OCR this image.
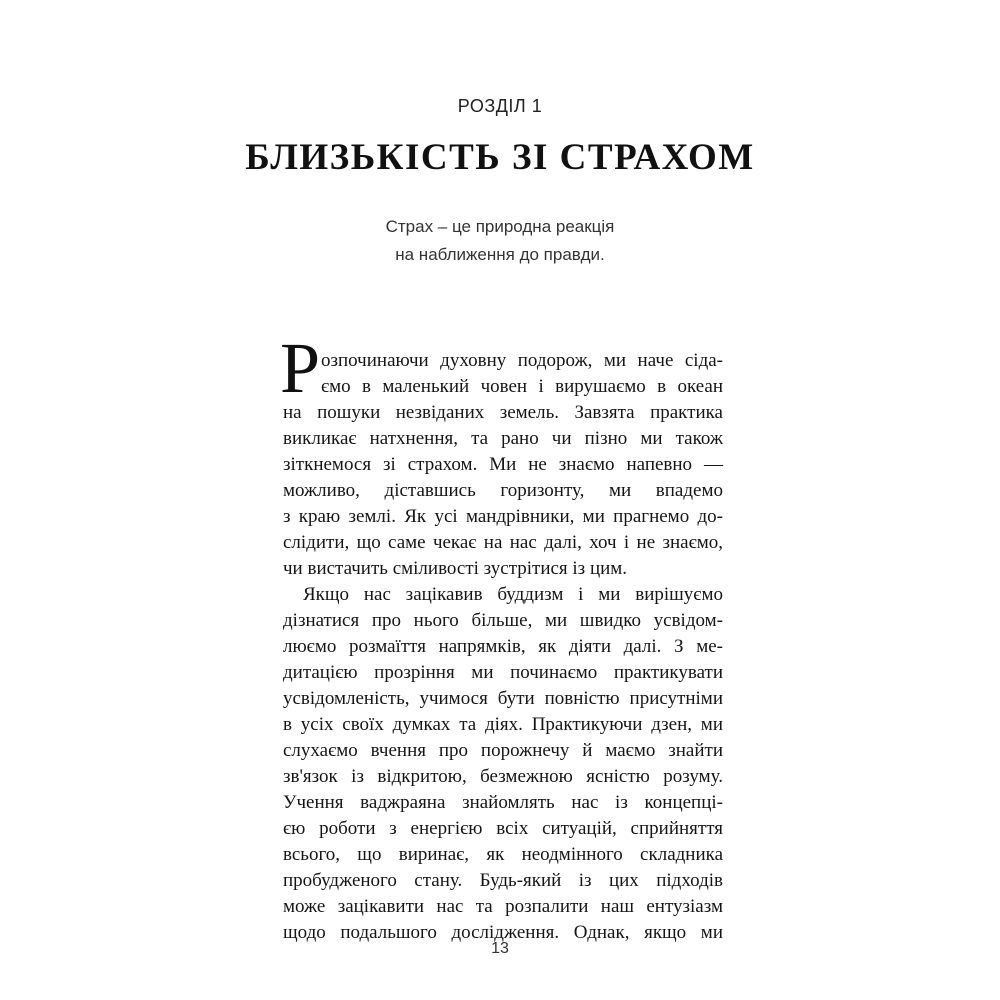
РОЗДІЛ 1
БЛИЗЬКІСТЬ ЗІ СТРАХОМ
Страх – це природна реакція
на наближення до правди.
Р озпочинаючи духовну подорож, ми наче сіда-
ємо в маленький човен і вирушаємо в океан
на пошуки незвіданих земель. Завзята практика
викликає натхнення, та рано чи пізно ми також
зіткнемося зі страхом. Ми не знаємо напевно —
можливо, діставшись горизонту, ми впадемо
з краю землі. Як усі мандрівники, ми прагнемо до-
слідити, що саме чекає на нас далі, хоч і не знаємо,
чи вистачить сміливості зустрітися із цим.
Якщо нас зацікавив буддизм і ми вирішуємо
дізнатися про нього більше, ми швидко усвідом-
люємо розмаїття напрямків, як діяти далі. З ме-
дитацією прозріння ми починаємо практикувати
усвідомленість, учимося бути повністю присутніми
в усіх своїх думках та діях. Практикуючи дзен, ми
слухаємо вчення про порожнечу й маємо знайти
зв'язок із відкритою, безмежною ясністю розуму.
Учення ваджраяна знайомлять нас із концепці-
єю роботи з енергією всіх ситуацій, сприйняття
всього, що виринає, як неодмінного складника
пробудженого стану. Будь-який із цих підходів
може зацікавити нас та розпалити наш ентузіазм
щодо подальшого дослідження. Однак, якщо ми
13
